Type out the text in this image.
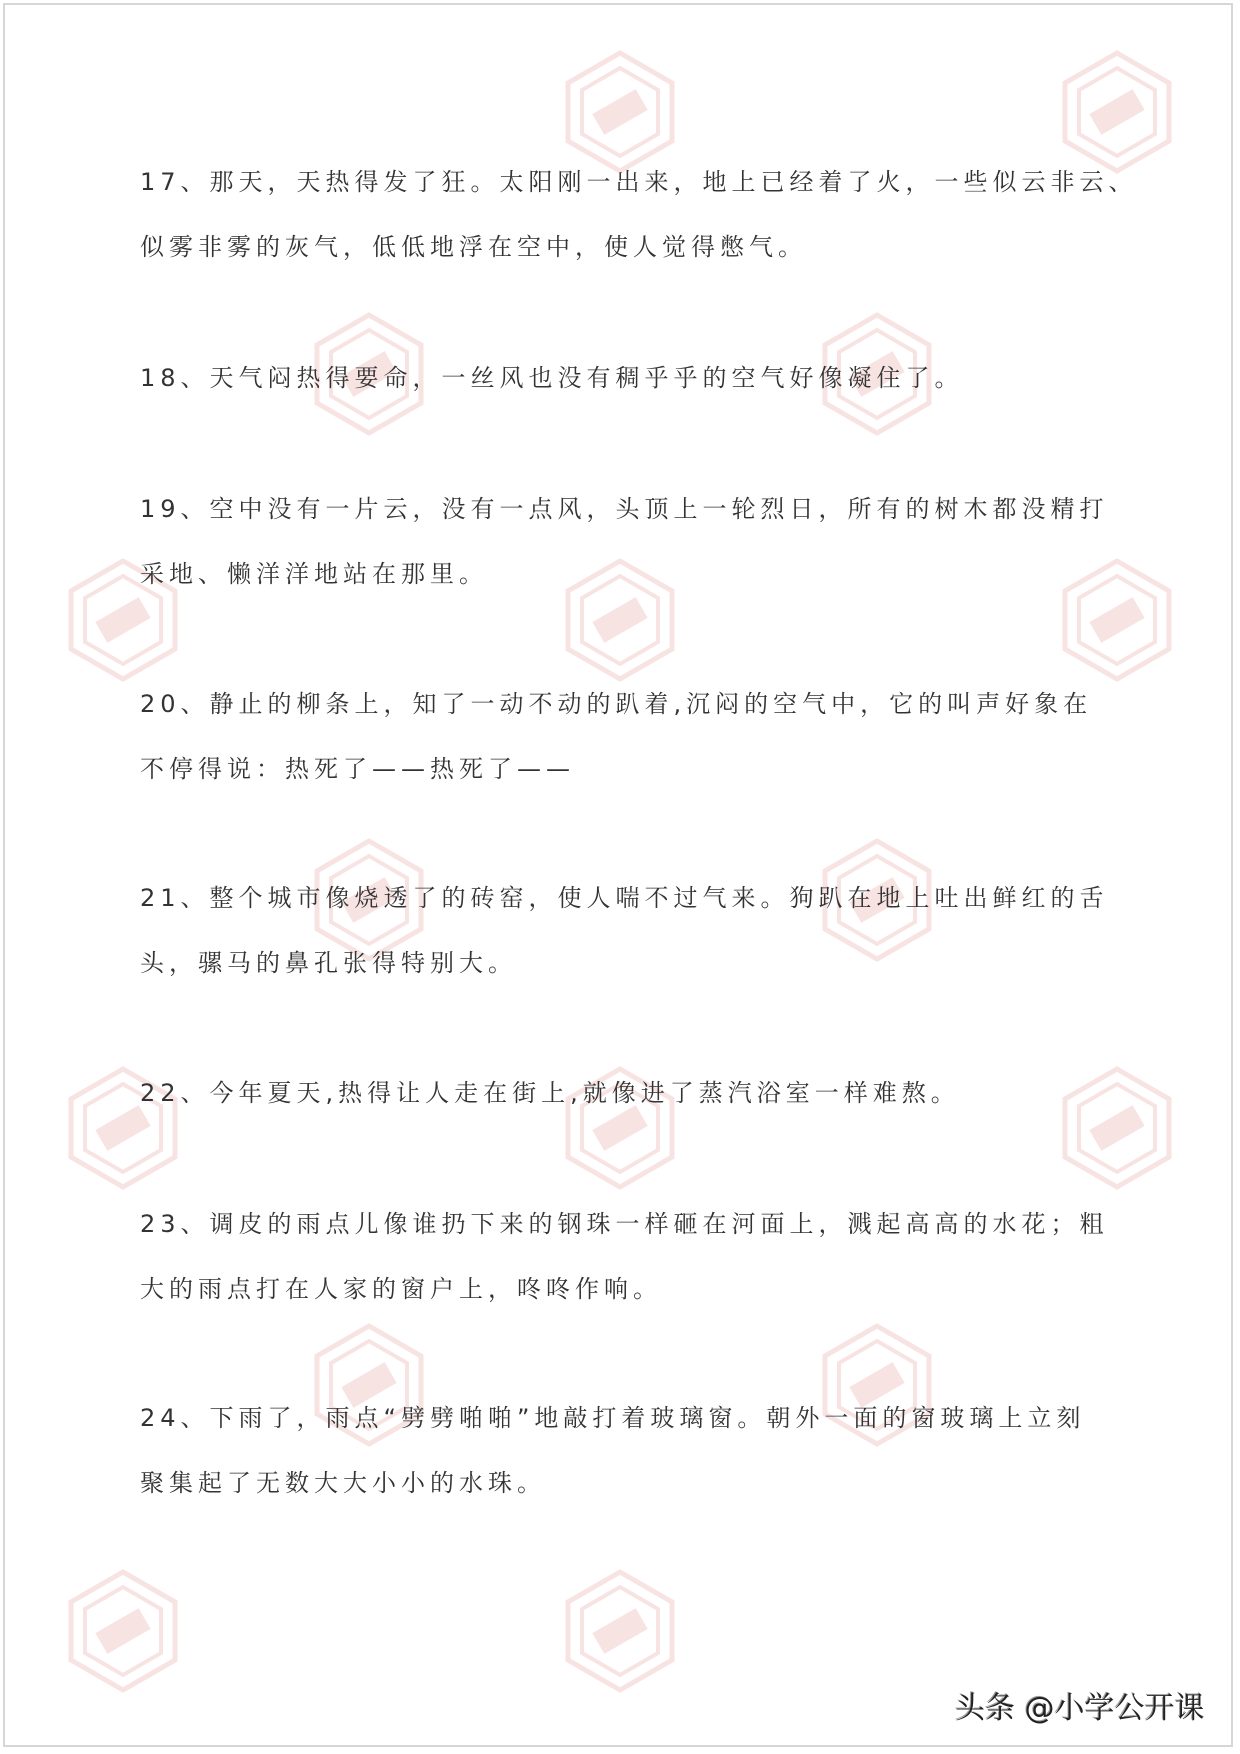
17、那天，天热得发了狂。太阳刚一出来，地上已经着了火，一些似云非云、
似雾非雾的灰气，低低地浮在空中，使人觉得憋气。
18、天气闷热得要命，一丝风也没有稠乎乎的空气好像凝住了。
19、空中没有一片云，没有一点风，头顶上一轮烈日，所有的树木都没精打
采地、懒洋洋地站在那里。
20、静止的柳条上，知了一动不动的趴着,沉闷的空气中，它的叫声好象在
不停得说：热死了——热死了——
21、整个城市像烧透了的砖窑，使人喘不过气来。狗趴在地上吐出鲜红的舌
头，骡马的鼻孔张得特别大。
22、今年夏天,热得让人走在街上,就像进了蒸汽浴室一样难熬。
23、调皮的雨点儿像谁扔下来的钢珠一样砸在河面上，溅起高高的水花；粗
大的雨点打在人家的窗户上，咚咚作响。
24、下雨了，雨点“劈劈啪啪”地敲打着玻璃窗。朝外一面的窗玻璃上立刻
聚集起了无数大大小小的水珠。
头条 @小学公开课
